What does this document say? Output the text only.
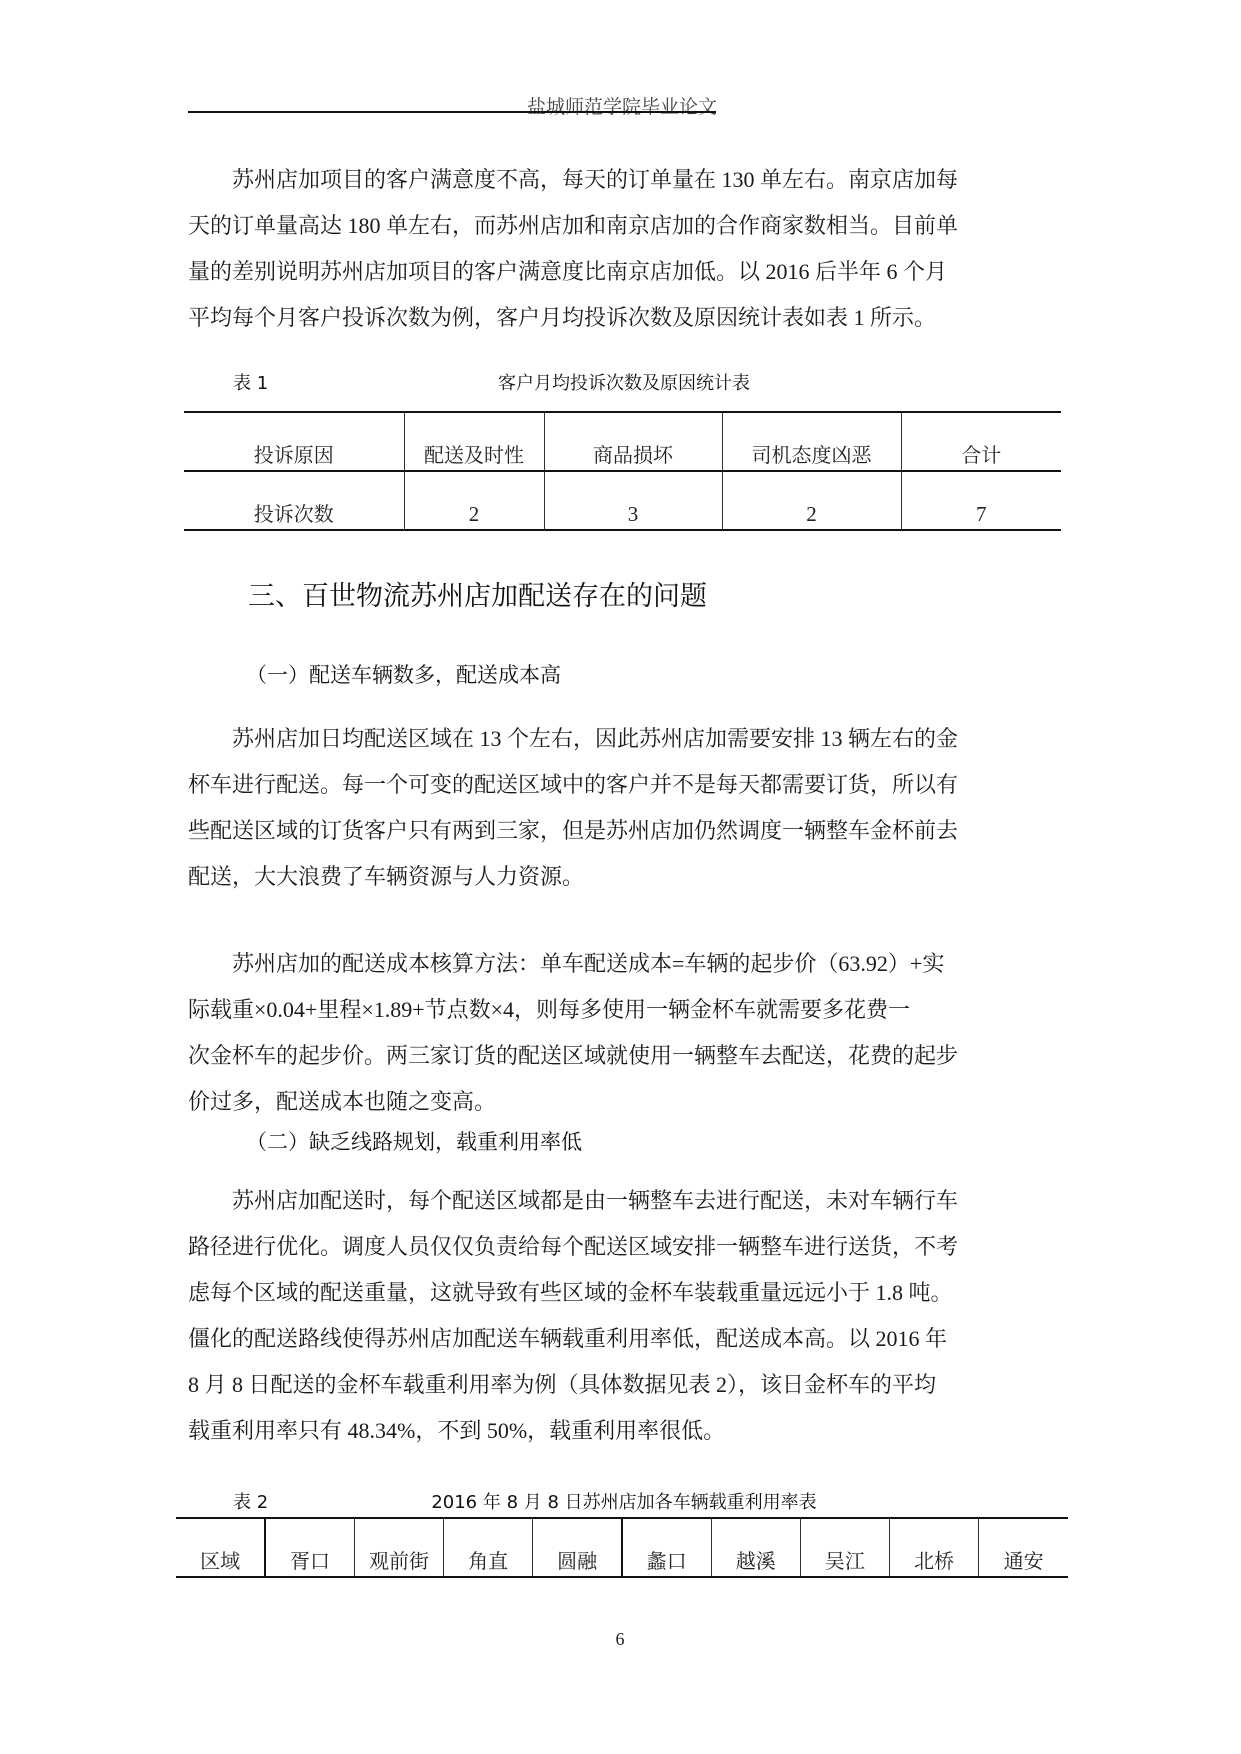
盐城师范学院毕业论文
苏州店加项目的客户满意度不高，每天的订单量在 130 单左右。南京店加每
天的订单量高达 180 单左右，而苏州店加和南京店加的合作商家数相当。目前单
量的差别说明苏州店加项目的客户满意度比南京店加低。以 2016 后半年 6 个月
平均每个月客户投诉次数为例，客户月均投诉次数及原因统计表如表 1 所示。
表 1	客户月均投诉次数及原因统计表
投诉原因	配送及时性	商品损坏	司机态度凶恶	合计
投诉次数	2	3	2	7
三、百世物流苏州店加配送存在的问题
（一）配送车辆数多，配送成本高
苏州店加日均配送区域在 13 个左右，因此苏州店加需要安排 13 辆左右的金
杯车进行配送。每一个可变的配送区域中的客户并不是每天都需要订货，所以有
些配送区域的订货客户只有两到三家，但是苏州店加仍然调度一辆整车金杯前去
配送，大大浪费了车辆资源与人力资源。
苏州店加的配送成本核算方法：单车配送成本=车辆的起步价（63.92）+实
际载重×0.04+里程×1.89+节点数×4，则每多使用一辆金杯车就需要多花费一
次金杯车的起步价。两三家订货的配送区域就使用一辆整车去配送，花费的起步
价过多，配送成本也随之变高。
（二）缺乏线路规划，载重利用率低
苏州店加配送时，每个配送区域都是由一辆整车去进行配送，未对车辆行车
路径进行优化。调度人员仅仅负责给每个配送区域安排一辆整车进行送货，不考
虑每个区域的配送重量，这就导致有些区域的金杯车装载重量远远小于 1.8 吨。
僵化的配送路线使得苏州店加配送车辆载重利用率低，配送成本高。以 2016 年
8 月 8 日配送的金杯车载重利用率为例（具体数据见表 2），该日金杯车的平均
载重利用率只有 48.34%，不到 50%，载重利用率很低。
表 2	2016 年 8 月 8 日苏州店加各车辆载重利用率表
区域	胥口	观前街	角直	圆融	蠡口	越溪	吴江	北桥	通安
6
